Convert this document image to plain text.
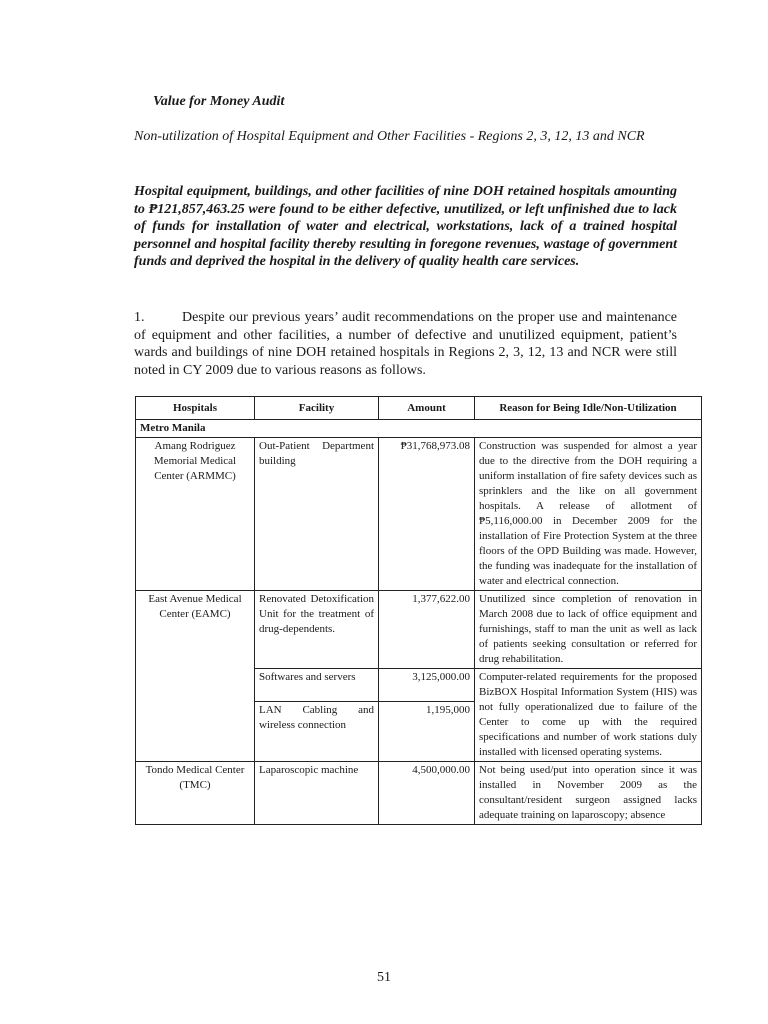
Value for Money Audit
Non-utilization of Hospital Equipment and Other Facilities - Regions 2, 3, 12, 13 and NCR
Hospital equipment, buildings, and other facilities of nine DOH retained hospitals amounting to ₱121,857,463.25 were found to be either defective, unutilized, or left unfinished due to lack of funds for installation of water and electrical, workstations, lack of a trained hospital personnel and hospital facility thereby resulting in foregone revenues, wastage of government funds and deprived the hospital in the delivery of quality health care services.
1.	Despite our previous years’ audit recommendations on the proper use and maintenance of equipment and other facilities, a number of defective and unutilized equipment, patient’s wards and buildings of nine DOH retained hospitals in Regions 2, 3, 12, 13 and NCR were still noted in CY 2009 due to various reasons as follows.
Hospitals	Facility	Amount	Reason for Being Idle/Non-Utilization
Metro Manila			
Amang Rodriguez Memorial Medical Center (ARMMC)	Out-Patient Department building	₱31,768,973.08	Construction was suspended for almost a year due to the directive from the DOH requiring a uniform installation of fire safety devices such as sprinklers and the like on all government hospitals. A release of allotment of ₱5,116,000.00 in December 2009 for the installation of Fire Protection System at the three floors of the OPD Building was made. However, the funding was inadequate for the installation of water and electrical connection.
East Avenue Medical Center (EAMC)	Renovated Detoxification Unit for the treatment of drug-dependents.	1,377,622.00	Unutilized since completion of renovation in March 2008 due to lack of office equipment and furnishings, staff to man the unit as well as lack of patients seeking consultation or referred for drug rehabilitation.
	Softwares and servers	3,125,000.00	Computer-related requirements for the proposed BizBOX Hospital Information System (HIS) was not fully operationalized due to failure of the Center to come up with the required specifications and number of work stations duly installed with licensed operating systems.
	LAN Cabling and wireless connection	1,195,000	
Tondo Medical Center (TMC)	Laparoscopic machine	4,500,000.00	Not being used/put into operation since it was installed in November 2009 as the consultant/resident surgeon assigned lacks adequate training on laparoscopy; absence
51
